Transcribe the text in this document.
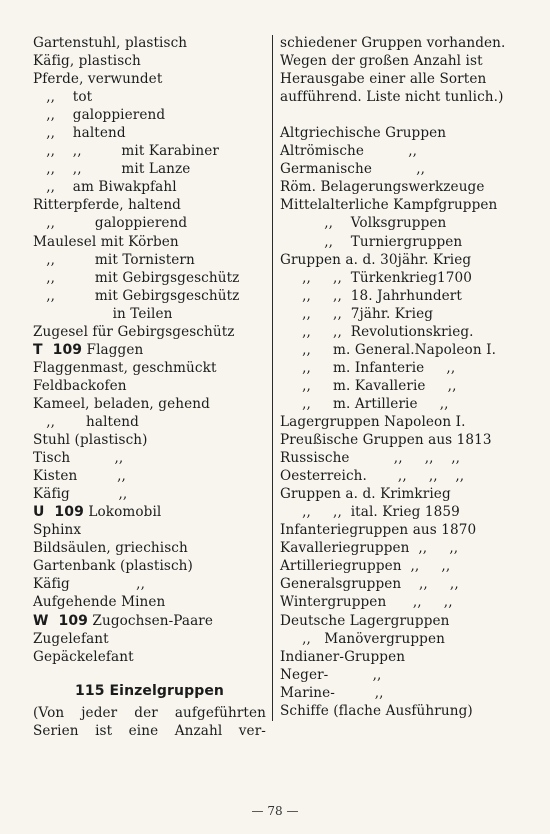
Gartenstuhl, plastisch
Käfig, plastisch
Pferde, verwundet
,,    tot
,,    galoppierend
,,    haltend
,,    ,,         mit Karabiner
,,    ,,         mit Lanze
,,    am Biwakpfahl
Ritterpferde, haltend
,,         galoppierend
Maulesel mit Körben
,,         mit Tornistern
,,         mit Gebirgsgeschütz
,,         mit Gebirgsgeschütz
in Teilen
Zugesel für Gebirgsgeschütz
T  109 Flaggen
Flaggenmast, geschmückt
Feldbackofen
Kameel, beladen, gehend
,,       haltend
Stuhl (plastisch)
Tisch          ,,
Kisten         ,,
Käfig           ,,
U  109 Lokomobil
Sphinx
Bildsäulen, griechisch
Gartenbank (plastisch)
Käfig               ,,
Aufgehende Minen
W  109 Zugochsen-Paare
Zugelefant
Gepäckelefant
115 Einzelgruppen
(Von jeder der aufgeführten
Serien ist eine Anzahl ver-
schiedener Gruppen vorhanden.
Wegen der großen Anzahl ist
Herausgabe einer alle Sorten
aufführend. Liste nicht tunlich.)

Altgriechische Gruppen
Altrömische          ,,
Germanische          ,,
Röm. Belagerungswerkzeuge
Mittelalterliche Kampfgruppen
,,    Volksgruppen
,,    Turniergruppen
Gruppen a. d. 30jähr. Krieg
,,     ,,  Türkenkrieg1700
,,     ,,  18. Jahrhundert
,,     ,,  7jähr. Krieg
,,     ,,  Revolutionskrieg.
,,     m. General.Napoleon I.
,,     m. Infanterie     ,,
,,     m. Kavallerie     ,,
,,     m. Artillerie     ,,
Lagergruppen Napoleon I.
Preußische Gruppen aus 1813
Russische          ,,     ,,    ,,
Oesterreich.       ,,     ,,    ,,
Gruppen a. d. Krimkrieg
,,     ,,  ital. Krieg 1859
Infanteriegruppen aus 1870
Kavalleriegruppen  ,,     ,,
Artilleriegruppen  ,,     ,,
Generalsgruppen    ,,     ,,
Wintergruppen      ,,     ,,
Deutsche Lagergruppen
,,   Manövergruppen
Indianer-Gruppen
Neger-          ,,
Marine-         ,,
Schiffe (flache Ausführung)
— 78 —
